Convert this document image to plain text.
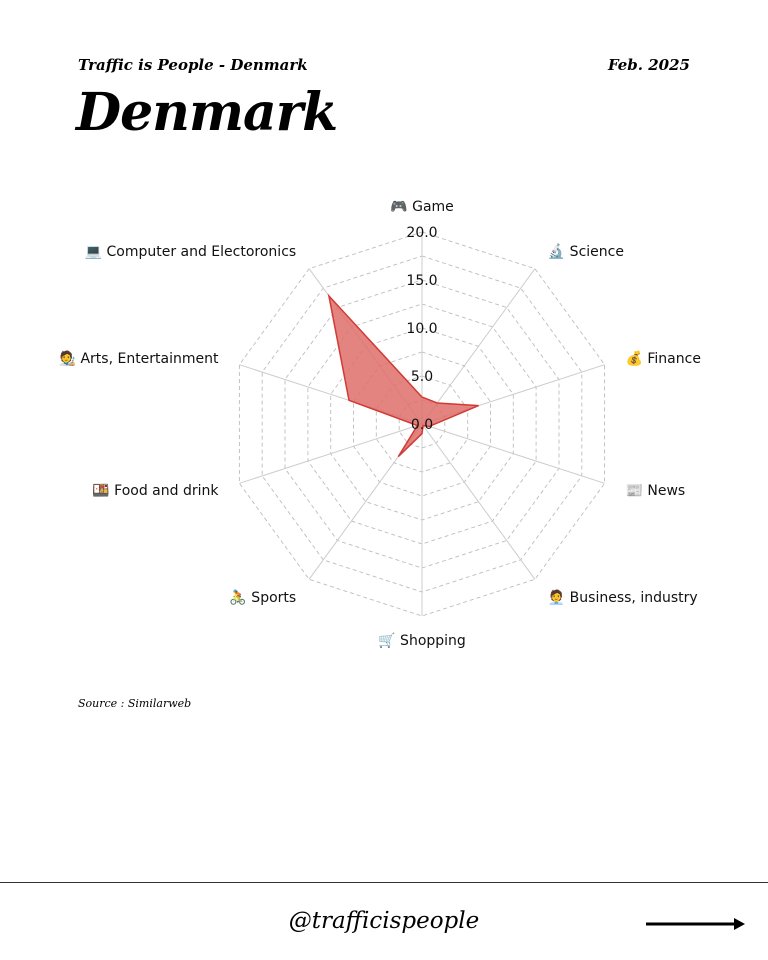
Traffic is People - Denmark	Feb. 2025
Denmark
0.0
5.0
10.0
15.0
20.0
🎮 Game
🔬 Science
💰 Finance
📰 News
🧑‍💼 Business, industry
🛒 Shopping
🚴 Sports
🍱 Food and drink
🧑‍🎨 Arts, Entertainment
💻 Computer and Electoronics
Source : Similarweb
@trafficispeople
